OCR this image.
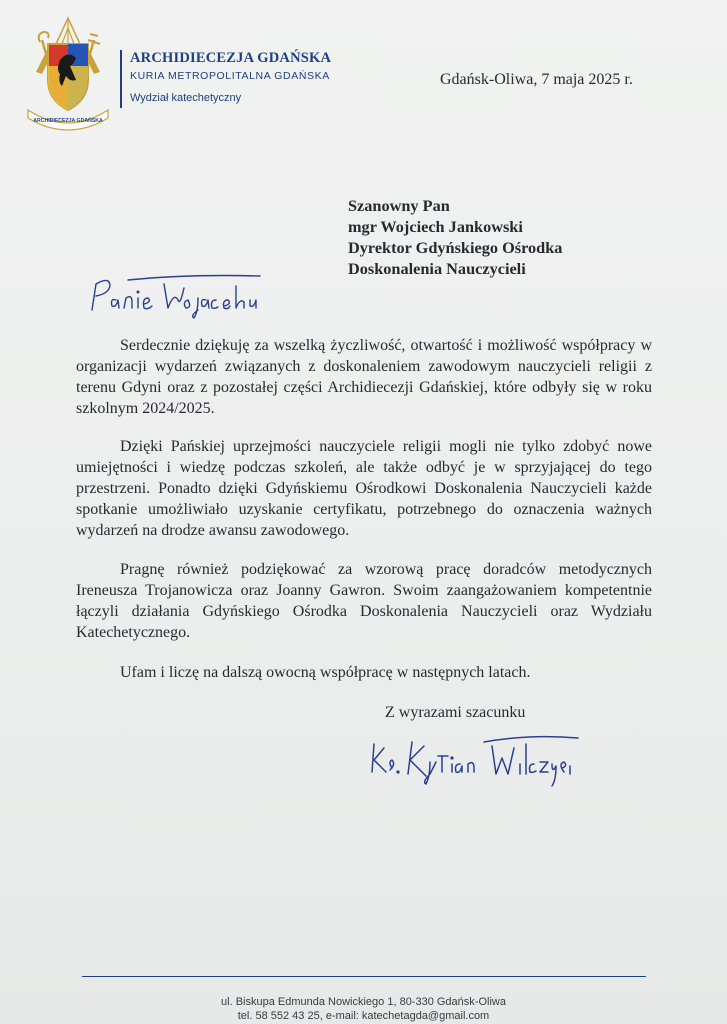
ARCHIDIECEZJA GDAŃSKA
ARCHIDIECEZJA GDAŃSKA
KURIA METROPOLITALNA GDAŃSKA
Wydział katechetyczny
Gdańsk-Oliwa, 7 maja 2025 r.
Szanowny Pan
mgr Wojciech Jankowski
Dyrektor Gdyńskiego Ośrodka
Doskonalenia Nauczycieli
Serdecznie dziękuję za wszelką życzliwość, otwartość i możliwość współpracy w organizacji wydarzeń związanych z doskonaleniem zawodowym nauczycieli religii z terenu Gdyni oraz z pozostałej części Archidiecezji Gdańskiej, które odbyły się w roku szkolnym 2024/2025.
Dzięki Pańskiej uprzejmości nauczyciele religii mogli nie tylko zdobyć nowe umiejętności i wiedzę podczas szkoleń, ale także odbyć je w sprzyjającej do tego przestrzeni. Ponadto dzięki Gdyńskiemu Ośrodkowi Doskonalenia Nauczycieli każde spotkanie umożliwiało uzyskanie certyfikatu, potrzebnego do oznaczenia ważnych wydarzeń na drodze awansu zawodowego.
Pragnę również podziękować za wzorową pracę doradców metodycznych Ireneusza Trojanowicza oraz Joanny Gawron. Swoim zaangażowaniem kompetentnie łączyli działania Gdyńskiego Ośrodka Doskonalenia Nauczycieli oraz Wydziału Katechetycznego.
Ufam i liczę na dalszą owocną współpracę w następnych latach.
Z wyrazami szacunku
ul. Biskupa Edmunda Nowickiego 1, 80-330 Gdańsk-Oliwa
tel. 58 552 43 25, e-mail: katechetagda@gmail.com
